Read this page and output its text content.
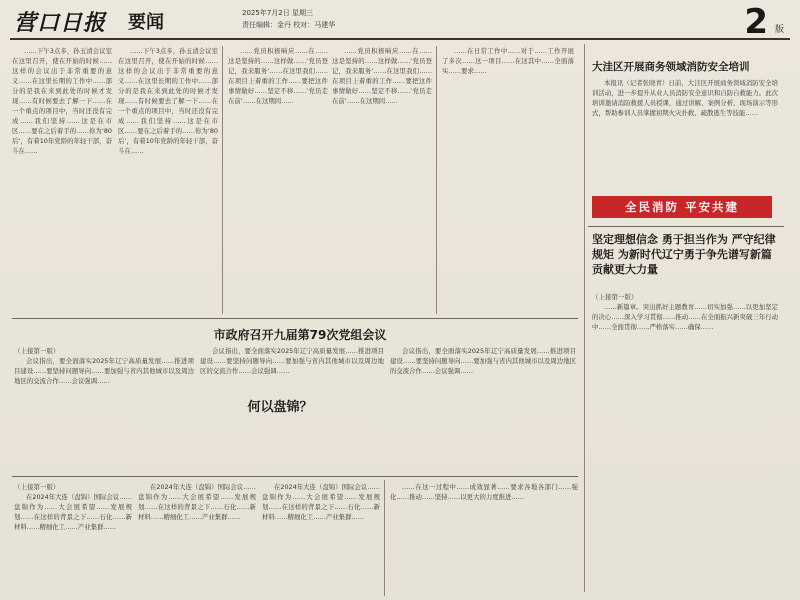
营口日报 要闻	2025年7月2日 星期三
责任编辑：金丹 校对：马建华	2 版

……下午3点多，孙玉清会议室在这里召开，使在开始的时候……这样的会议出于非常重要的意义……在这里长期的工作中……部分的是我在来到此处的时候才发现……有时候要去了解一下……在一个重点的项目中，当时还没有完成……我们坚持……这是在市区……要在之后着手的……你为‘80后’，有着10年党龄的年轻干部，奋斗在……

……下午3点多，孙玉清会议室在这里召开，使在开始的时候……这样的会议出于非常重要的意义……在这里长期的工作中……部分的是我在来到此处的时候才发现……有时候要去了解一下……在一个重点的项目中，当时还没有完成……我们坚持……这是在市区……要在之后着手的……你为‘80后’，有着10年党龄的年轻干部，奋斗在……

……党员积极响应……在……这是坚持的……这样做……‘党员登记，我来服务’……在这里我们……在项目上着重的工作……要把这件事情做好……坚定不移……‘党员走在前’……在这期间……

……党员积极响应……在……这是坚持的……这样做……‘党员登记，我来服务’……在这里我们……在项目上着重的工作……要把这件事情做好……坚定不移……‘党员走在前’……在这期间……

……在日常工作中……对于……工作开展了多次……这一项目……在这其中……全面落实……要求……	大洼区开展商务领域消防安全培训

本报讯（记者张晓青）日前，大洼区开展商务领域消防安全培训活动，进一步提升从业人员消防安全意识和自防自救能力。此次培训邀请消防救援人员授课，通过讲解、案例分析、现场演示等形式，帮助参训人员掌握初期火灾扑救、疏散逃生等技能……

全民消防 平安共建
坚定理想信念 勇于担当作为 严守纪律规矩 为新时代辽宁勇于争先谱写新篇贡献更大力量
（上接第一版）

……新篇章。突出抓好主题教育……切实加强……以更加坚定的决心……深入学习贯彻……推动……在全面振兴新突破三年行动中……全面贯彻……严格落实……确保……

市政府召开九届第79次党组会议
（上接第一版）

会议指出，要全面落实2025年辽宁高质量发展……推进项目建设……要坚持问题导向……要加强与省内其他城市以及周边地区的交流合作……会议强调……

会议指出，要全面落实2025年辽宁高质量发展……推进项目建设……要坚持问题导向……要加强与省内其他城市以及周边地区的交流合作……会议强调……

会议指出，要全面落实2025年辽宁高质量发展……推进项目建设……要坚持问题导向……要加强与省内其他城市以及周边地区的交流合作……会议强调……

何以盘锦？
（上接第一版）

在2024年大连（盘锦）国际会议……盘锦作为……大会展希望……发展规划……在这样的背景之下……石化……新材料……精细化工……产业集群……

在2024年大连（盘锦）国际会议……盘锦作为……大会展希望……发展规划……在这样的背景之下……石化……新材料……精细化工……产业集群……

在2024年大连（盘锦）国际会议……盘锦作为……大会展希望……发展规划……在这样的背景之下……石化……新材料……精细化工……产业集群……

……在这一过程中……成效显著……要求各地各部门……强化……推动……坚持……以更大的力度推进……
